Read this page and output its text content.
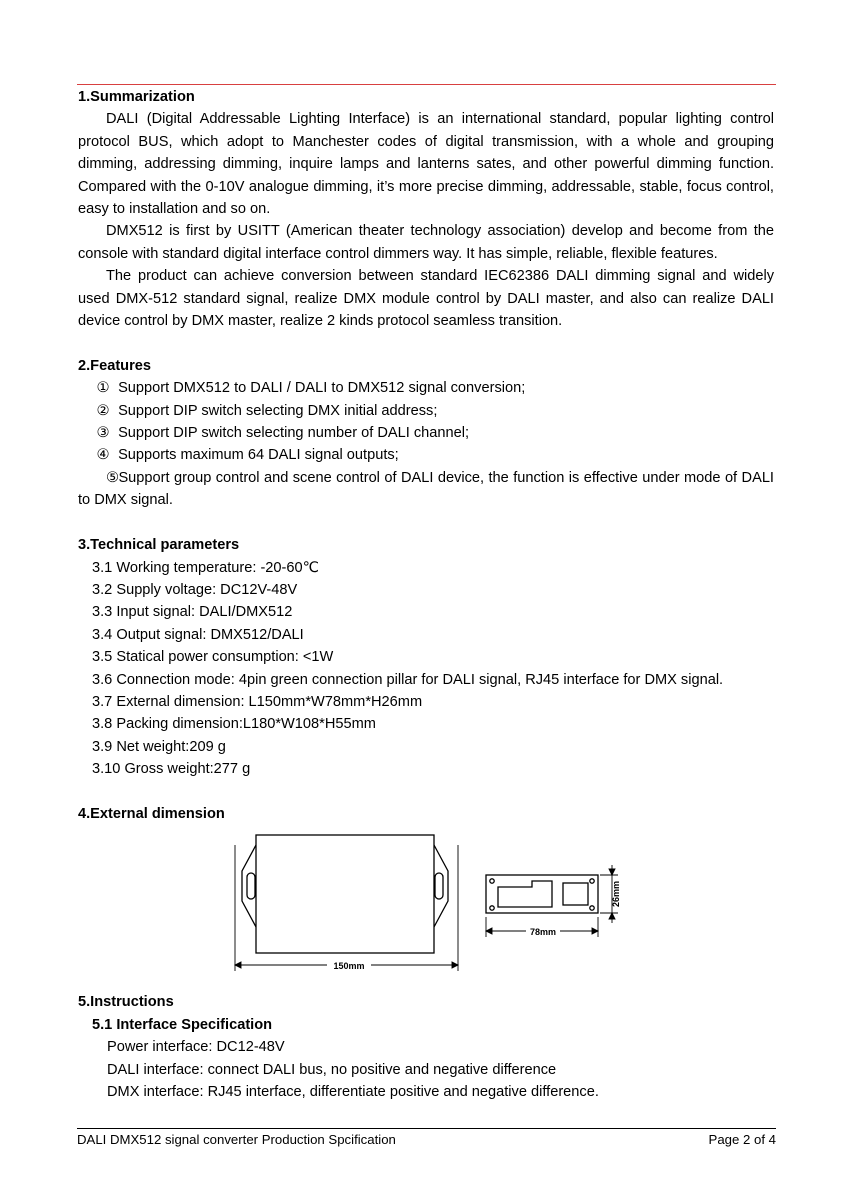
1.Summarization

DALI (Digital Addressable Lighting Interface) is an international standard, popular lighting control protocol BUS, which adopt to Manchester codes of digital transmission, with a whole and grouping dimming, addressing dimming, inquire lamps and lanterns sates, and other powerful dimming function. Compared with the 0-10V analogue dimming, it’s more precise dimming, addressable, stable, focus control, easy to installation and so on.

DMX512 is first by USITT (American theater technology association) develop and become from the console with standard digital interface control dimmers way. It has simple, reliable, flexible features.

The product can achieve conversion between standard IEC62386 DALI dimming signal and widely used DMX-512 standard signal, realize DMX module control by DALI master, and also can realize DALI device control by DMX master, realize 2 kinds protocol seamless transition.

2.Features

① Support DMX512 to DALI / DALI to DMX512 signal conversion;

② Support DIP switch selecting DMX initial address;

③ Support DIP switch selecting number of DALI channel;

④ Supports maximum 64 DALI signal outputs;

⑤ Support group control and scene control of DALI device, the function is effective under mode of DALI to DMX signal.

3.Technical parameters

3.1 Working temperature: -20-60℃

3.2 Supply voltage: DC12V-48V

3.3 Input signal: DALI/DMX512

3.4 Output signal: DMX512/DALI

3.5 Statical power consumption: <1W

3.6 Connection mode: 4pin green connection pillar for DALI signal, RJ45 interface for DMX signal.

3.7 External dimension: L150mm*W78mm*H26mm

3.8 Packing dimension:L180*W108*H55mm

3.9 Net weight:209 g

3.10 Gross weight:277 g

4.External dimension

150mm
26mm
78mm

5.Instructions

5.1 Interface Specification

Power interface: DC12-48V

DALI interface: connect DALI bus, no positive and negative difference

DMX interface: RJ45 interface, differentiate positive and negative difference.

DALI DMX512 signal converter Production Spcification	Page 2 of 4
